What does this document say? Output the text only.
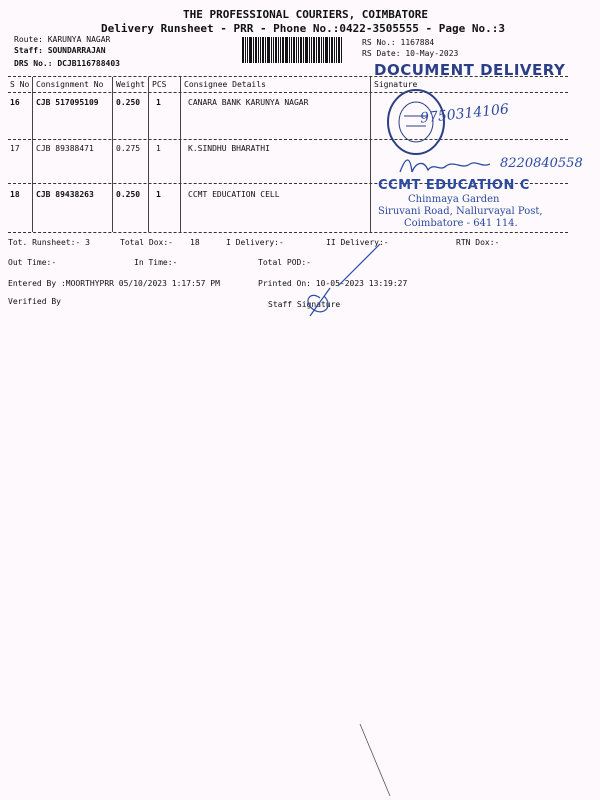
THE PROFESSIONAL COURIERS, COIMBATORE
Delivery Runsheet - PRR - Phone No.:0422-3505555 - Page No.:3
Route: KARUNYA NAGAR
Staff: SOUNDARRAJAN
DRS No.: DCJB116788403
RS No.: 1167884
RS Date: 10-May-2023
DOCUMENT DELIVERY
S No Consignment No Weight PCS Consignee Details	Signature
16 CJB 517095109 0.250 1	CANARA BANK KARUNYA NAGAR
17 CJB 89388471	0.275 1	K.SINDHU BHARATHI
18 CJB 89438263	0.250 1	CCMT EDUCATION CELL
9750314106
8220840558
CCMT EDUCATION C
Chinmaya Garden
Siruvani Road, Nallurvayal Post,
Coimbatore - 641 114.
Tot. Runsheet:- 3	Total Dox:- 18	I Delivery:-	II Delivery:-	RTN Dox:-
Out Time:-	In Time:-	Total POD:-
Entered By :MOORTHYPRR 05/10/2023 1:17:57 PM	Printed On: 10-05-2023 13:19:27
Verified By	Staff Signature
